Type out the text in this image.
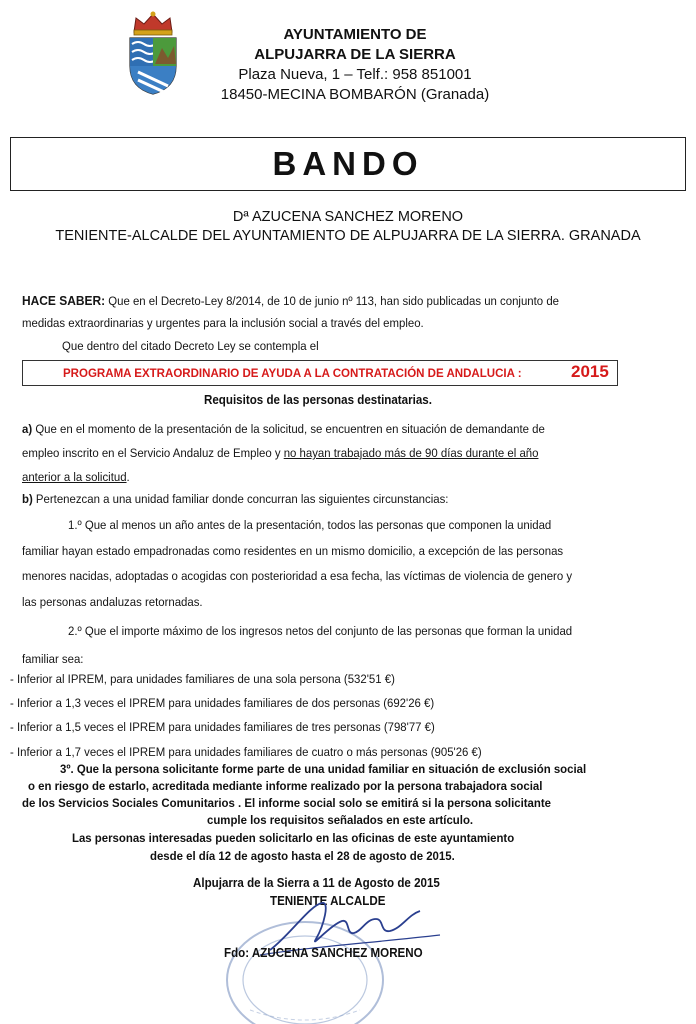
AYUNTAMIENTO DE
ALPUJARRA DE LA SIERRA
Plaza Nueva, 1 – Telf.: 958 851001
18450-MECINA BOMBARÓN (Granada)
BANDO
Dª AZUCENA SANCHEZ MORENO
TENIENTE-ALCALDE DEL AYUNTAMIENTO DE ALPUJARRA DE LA SIERRA. GRANADA
HACE SABER: Que en el Decreto-Ley 8/2014, de 10 de junio nº 113, han sido publicadas un conjunto de
medidas extraordinarias y urgentes para la inclusión social a través del empleo.
Que dentro del citado Decreto Ley se contempla el
PROGRAMA EXTRAORDINARIO DE AYUDA A LA CONTRATACIÓN DE ANDALUCIA :	2015
Requisitos de las personas destinatarias.
a) Que en el momento de la presentación de la solicitud, se encuentren en situación de demandante de
empleo inscrito en el Servicio Andaluz de Empleo y no hayan trabajado más de 90 días durante el año
anterior a la solicitud.
b) Pertenezcan a una unidad familiar donde concurran las siguientes circunstancias:
1.º Que al menos un año antes de la presentación, todos las personas que componen la unidad
familiar hayan estado empadronadas como residentes en un mismo domicilio, a excepción de las personas
menores nacidas, adoptadas o acogidas con posterioridad a esa fecha, las víctimas de violencia de genero y
las personas andaluzas retornadas.
2.º Que el importe máximo de los ingresos netos del conjunto de las personas que forman la unidad
familiar sea:
- Inferior al IPREM, para unidades familiares de una sola persona (532'51 €)
- Inferior a 1,3 veces el IPREM para unidades familiares de dos personas (692'26 €)
- Inferior a 1,5 veces el IPREM para unidades familiares de tres personas (798'77 €)
- Inferior a 1,7 veces el IPREM para unidades familiares de cuatro o más personas (905'26 €)
3º. Que la persona solicitante forme parte de una unidad familiar en situación de exclusión social
o en riesgo de estarlo, acreditada mediante informe realizado por la persona trabajadora social
de los Servicios Sociales Comunitarios . El informe social solo se emitirá si la persona solicitante
cumple los requisitos señalados en este artículo.
Las personas interesadas pueden solicitarlo en las oficinas de este ayuntamiento
desde el día 12 de agosto hasta el 28 de agosto de 2015.
Alpujarra de la Sierra a 11 de Agosto de 2015
TENIENTE ALCALDE
Fdo: AZUCENA SANCHEZ MORENO
